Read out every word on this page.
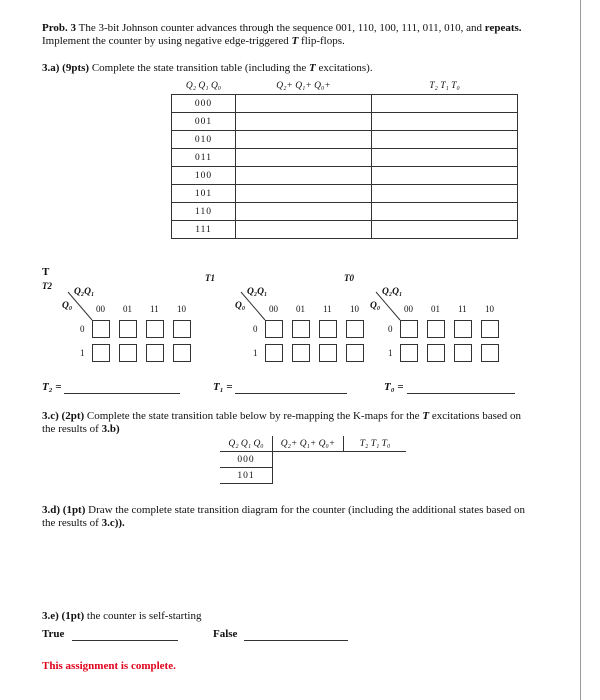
Prob. 3 The 3-bit Johnson counter advances through the sequence 001, 110, 100, 111, 011, 010, and repeats.
Implement the counter by using negative edge-triggered T flip-flops.
3.a) (9pts) Complete the state transition table (including the T excitations).
Q₂ Q₁ Q₀	Q₂+ Q₁+ Q₀+	T₂ T₁ T₀
000		
001		
010		
011		
100		
101		
110		
111		
T
T2
Q₂Q₁
Q₀	00 01 11 10
0
1
T₂ =
T1
Q₂Q₁
Q₀	00 01 11 10
0
1
T₁ =
T0
Q₂Q₁
Q₀	00 01 11 10
0
1
T₀ =
3.c) (2pt) Complete the state transition table below by re-mapping the K-maps for the T excitations based on
the results of 3.b)
Q₂ Q₁ Q₀	Q₂+ Q₁+ Q₀+	T₂ T₁ T₀
000		
101		
3.d) (1pt) Draw the complete state transition diagram for the counter (including the additional states based on
the results of 3.c)).
3.e) (1pt) the counter is self-starting
True	False
This assignment is complete.
